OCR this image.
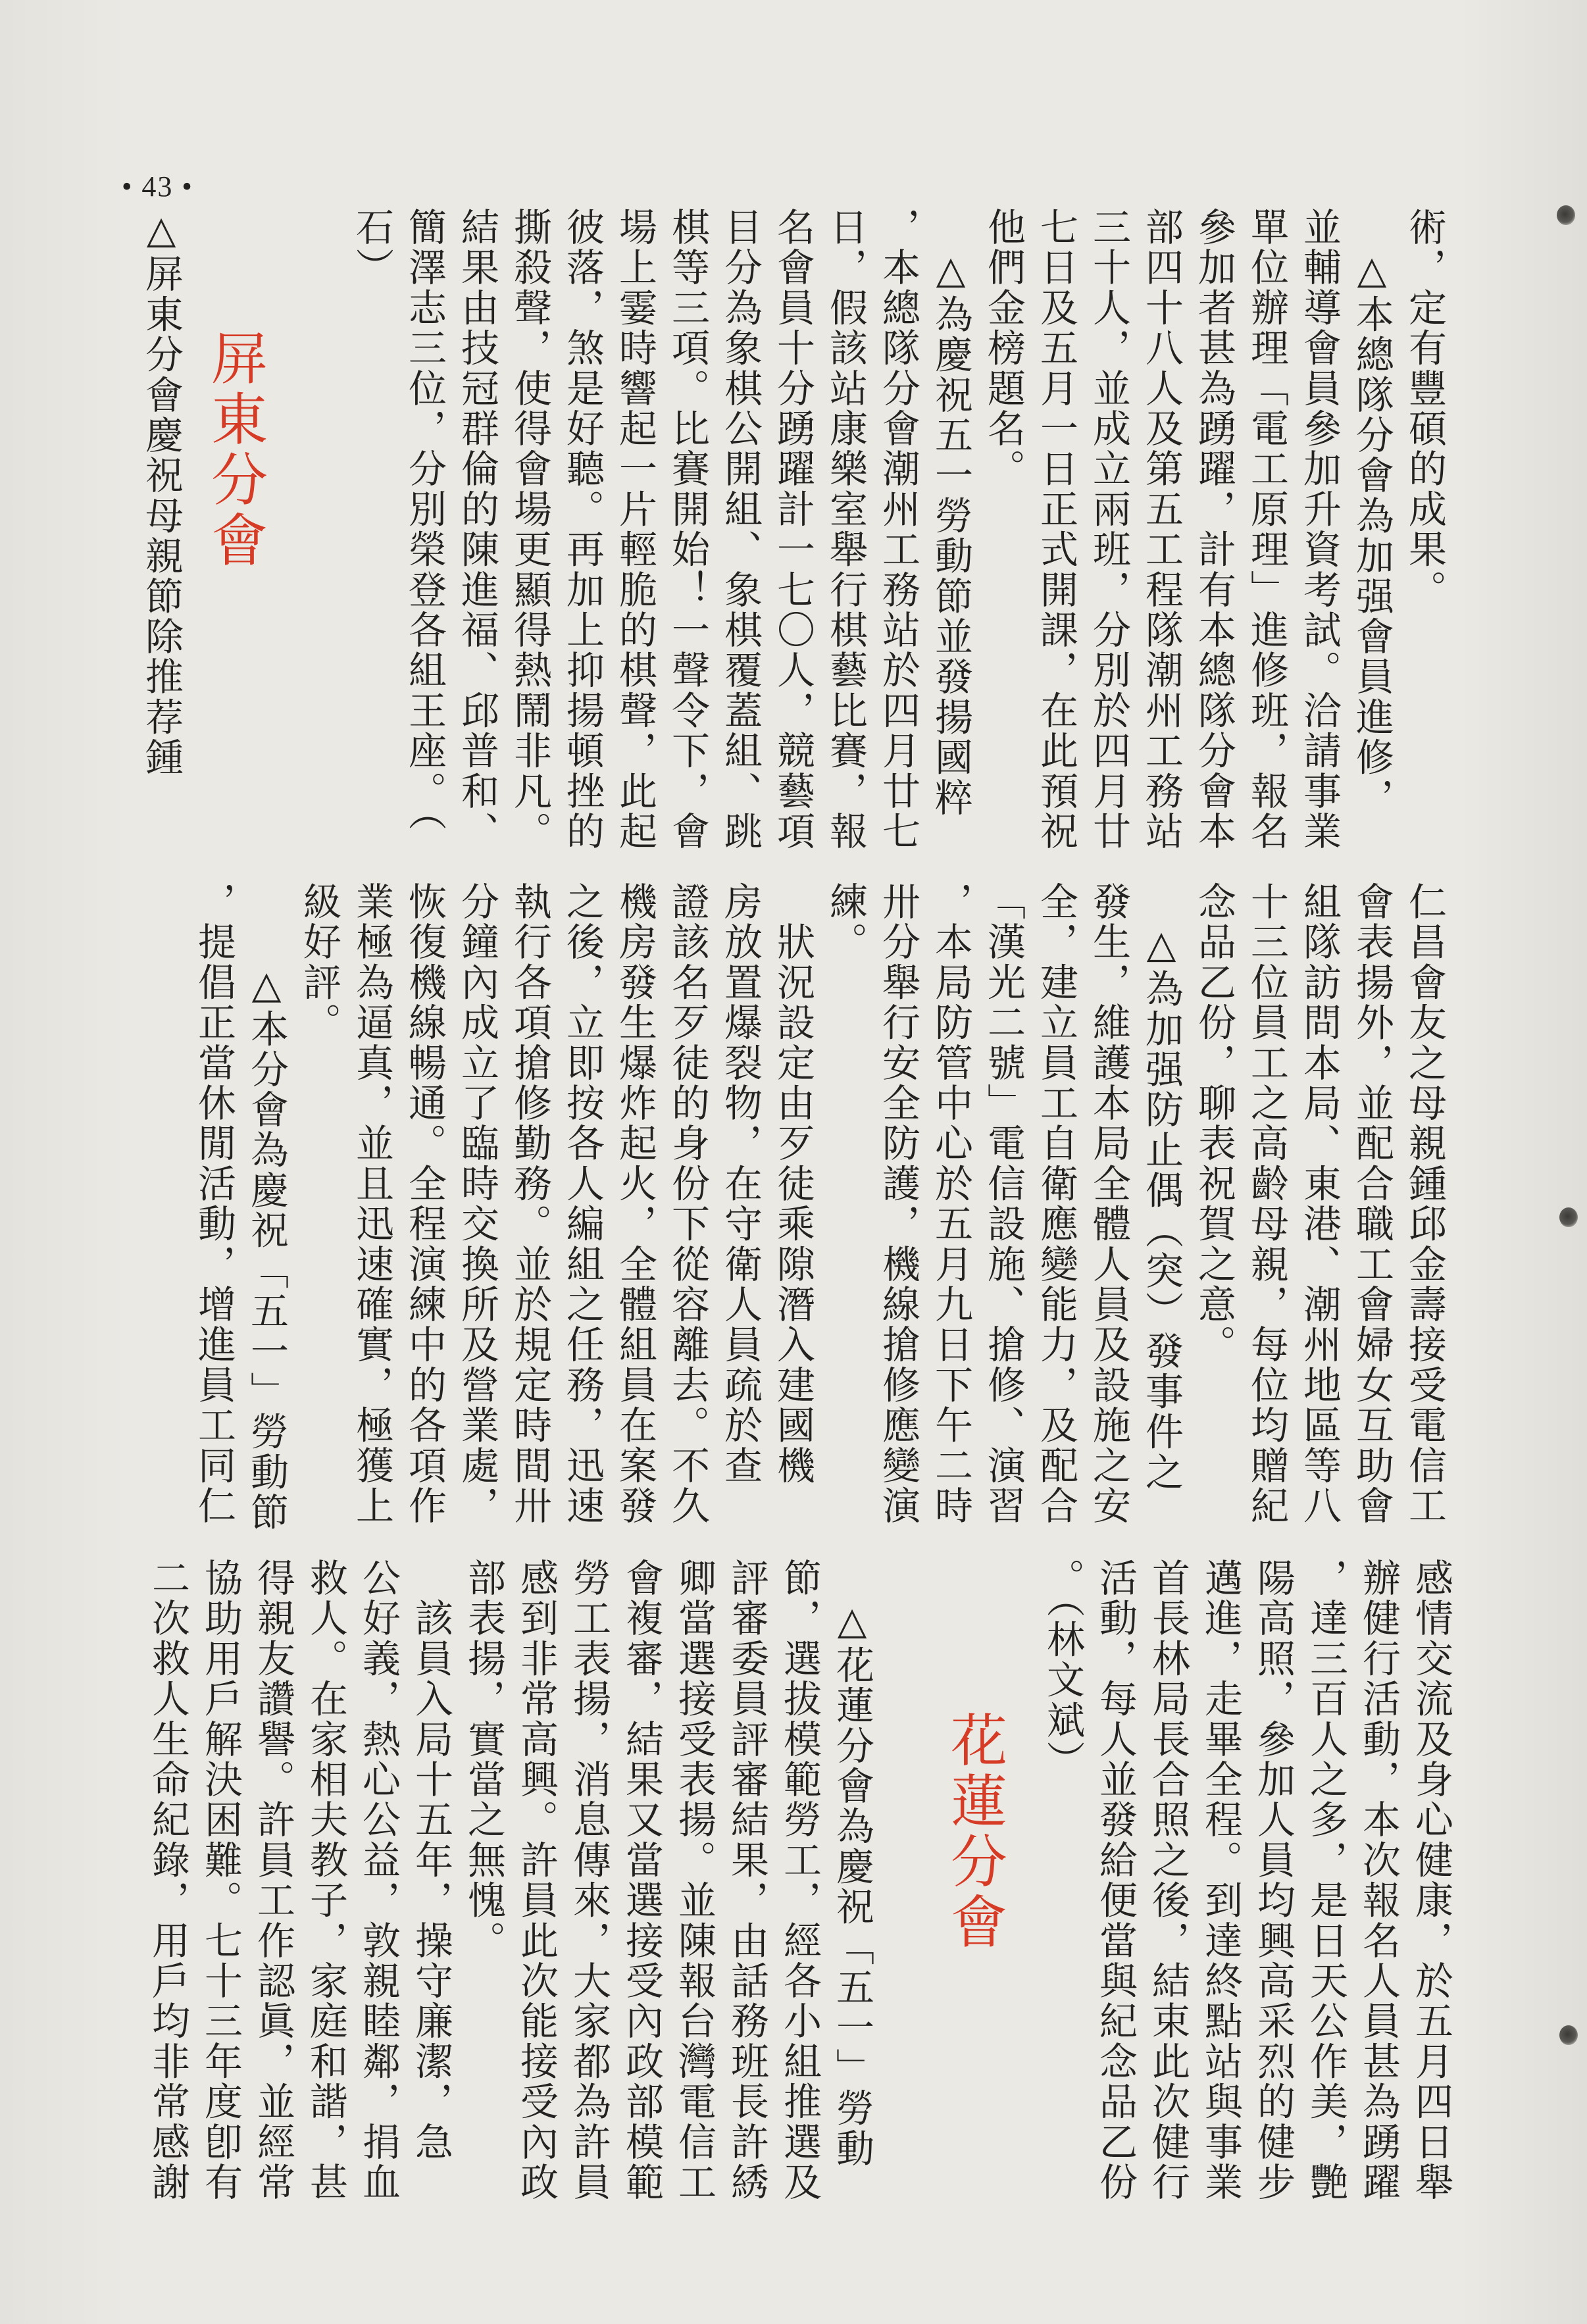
• 43 •
術，定有豐碩的成果。
　△本總隊分會為加强會員進修，
並輔導會員參加升資考試。洽請事業
單位辦理「電工原理」進修班，報名
參加者甚為踴躍，計有本總隊分會本
部四十八人及第五工程隊潮州工務站
三十人，並成立兩班，分別於四月廿
七日及五月一日正式開課，在此預祝
他們金榜題名。
　△為慶祝五一勞動節並發揚國粹
，本總隊分會潮州工務站於四月廿七
日，假該站康樂室舉行棋藝比賽，報
名會員十分踴躍計一七〇人，競藝項
目分為象棋公開組、象棋覆蓋組、跳
棋等三項。比賽開始！一聲令下，會
場上霎時響起一片輕脆的棋聲，此起
彼落，煞是好聽。再加上抑揚頓挫的
撕殺聲，使得會場更顯得熱鬧非凡。
結果由技冠群倫的陳進福、邱普和、
簡澤志三位，分別榮登各組王座。（
石）

△屏東分會慶祝母親節除推荐鍾
仁昌會友之母親鍾邱金壽接受電信工
會表揚外，並配合職工會婦女互助會
組隊訪問本局、東港、潮州地區等八
十三位員工之高齡母親，每位均贈紀
念品乙份，聊表祝賀之意。
　△為加强防止偶（突）發事件之
發生，維護本局全體人員及設施之安
全，建立員工自衛應變能力，及配合
「漢光二號」電信設施、搶修、演習
，本局防管中心於五月九日下午二時
卅分舉行安全防護，機線搶修應變演
練。
　狀況設定由歹徒乘隙潛入建國機
房放置爆裂物，在守衛人員疏於查
證該名歹徒的身份下從容離去。不久
機房發生爆炸起火，全體組員在案發
之後，立即按各人編組之任務，迅速
執行各項搶修勤務。並於規定時間卅
分鐘內成立了臨時交換所及營業處，
恢復機線暢通。全程演練中的各項作
業極為逼真，並且迅速確實，極獲上
級好評。
　　△本分會為慶祝「五一」勞動節
，提倡正當休閒活動，增進員工同仁
感情交流及身心健康，於五月四日舉
辦健行活動，本次報名人員甚為踴躍
，達三百人之多，是日天公作美，艷
陽高照，參加人員均興高采烈的健步
邁進，走畢全程。到達終點站與事業
首長林局長合照之後，結束此次健行
活動，每人並發給便當與紀念品乙份
。（林文斌）

　△花蓮分會為慶祝「五一」勞動
節，選拔模範勞工，經各小組推選及
評審委員評審結果，由話務班長許綉
卿當選接受表揚。並陳報台灣電信工
會複審，結果又當選接受內政部模範
勞工表揚，消息傳來，大家都為許員
感到非常高興。許員此次能接受內政
部表揚，實當之無愧。
　該員入局十五年，操守廉潔，急
公好義，熱心公益，敦親睦鄰，捐血
救人。在家相夫教子，家庭和諧，甚
得親友讚譽。許員工作認眞，並經常
協助用戶解決困難。七十三年度卽有
二次救人生命紀錄，用戶均非常感謝
屏東分會
花蓮分會
